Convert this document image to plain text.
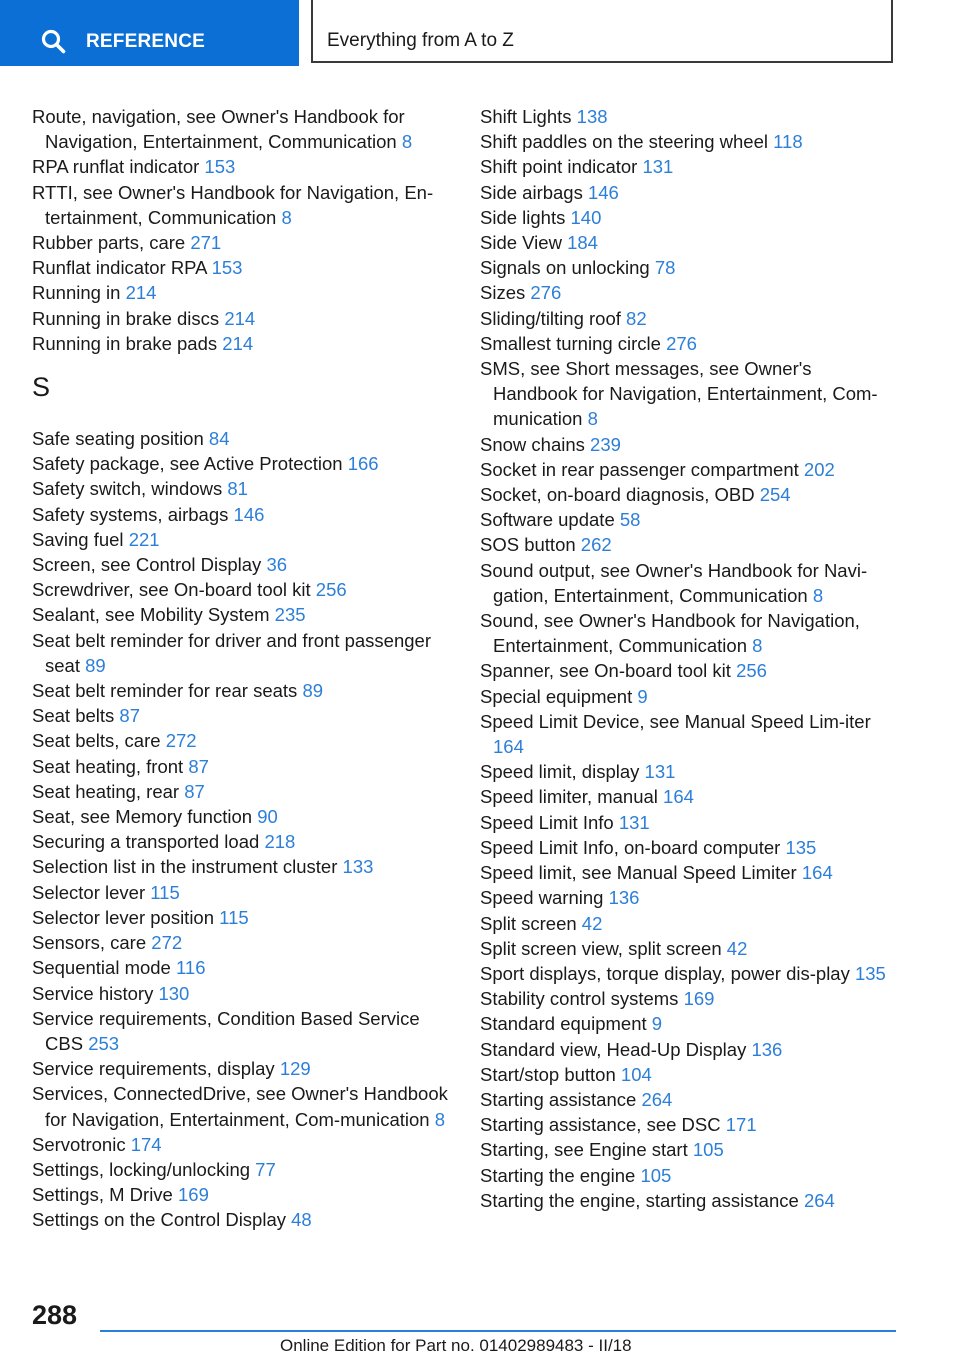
REFERENCE	Everything from A to Z
Route, navigation, see Owner's Handbook for Navigation, Entertainment, Communication 8
RPA runflat indicator 153
RTTI, see Owner's Handbook for Navigation, En‐tertainment, Communication 8
Rubber parts, care 271
Runflat indicator RPA 153
Running in 214
Running in brake discs 214
Running in brake pads 214
S
Safe seating position 84
Safety package, see Active Protection 166
Safety switch, windows 81
Safety systems, airbags 146
Saving fuel 221
Screen, see Control Display 36
Screwdriver, see On-board tool kit 256
Sealant, see Mobility System 235
Seat belt reminder for driver and front passenger seat 89
Seat belt reminder for rear seats 89
Seat belts 87
Seat belts, care 272
Seat heating, front 87
Seat heating, rear 87
Seat, see Memory function 90
Securing a transported load 218
Selection list in the instrument cluster 133
Selector lever 115
Selector lever position 115
Sensors, care 272
Sequential mode 116
Service history 130
Service requirements, Condition Based Service CBS 253
Service requirements, display 129
Services, ConnectedDrive, see Owner's Handbook for Navigation, Entertainment, Com‐munication 8
Servotronic 174
Settings, locking/unlocking 77
Settings, M Drive 169
Settings on the Control Display 48
Shift Lights 138
Shift paddles on the steering wheel 118
Shift point indicator 131
Side airbags 146
Side lights 140
Side View 184
Signals on unlocking 78
Sizes 276
Sliding/tilting roof 82
Smallest turning circle 276
SMS, see Short messages, see Owner's Handbook for Navigation, Entertainment, Com‐munication 8
Snow chains 239
Socket in rear passenger compartment 202
Socket, on-board diagnosis, OBD 254
Software update 58
SOS button 262
Sound output, see Owner's Handbook for Navi‐gation, Entertainment, Communication 8
Sound, see Owner's Handbook for Navigation, Entertainment, Communication 8
Spanner, see On-board tool kit 256
Special equipment 9
Speed Limit Device, see Manual Speed Lim‐iter 164
Speed limit, display 131
Speed limiter, manual 164
Speed Limit Info 131
Speed Limit Info, on-board computer 135
Speed limit, see Manual Speed Limiter 164
Speed warning 136
Split screen 42
Split screen view, split screen 42
Sport displays, torque display, power dis‐play 135
Stability control systems 169
Standard equipment 9
Standard view, Head-Up Display 136
Start/stop button 104
Starting assistance 264
Starting assistance, see DSC 171
Starting, see Engine start 105
Starting the engine 105
Starting the engine, starting assistance 264
288
Online Edition for Part no. 01402989483 - II/18
